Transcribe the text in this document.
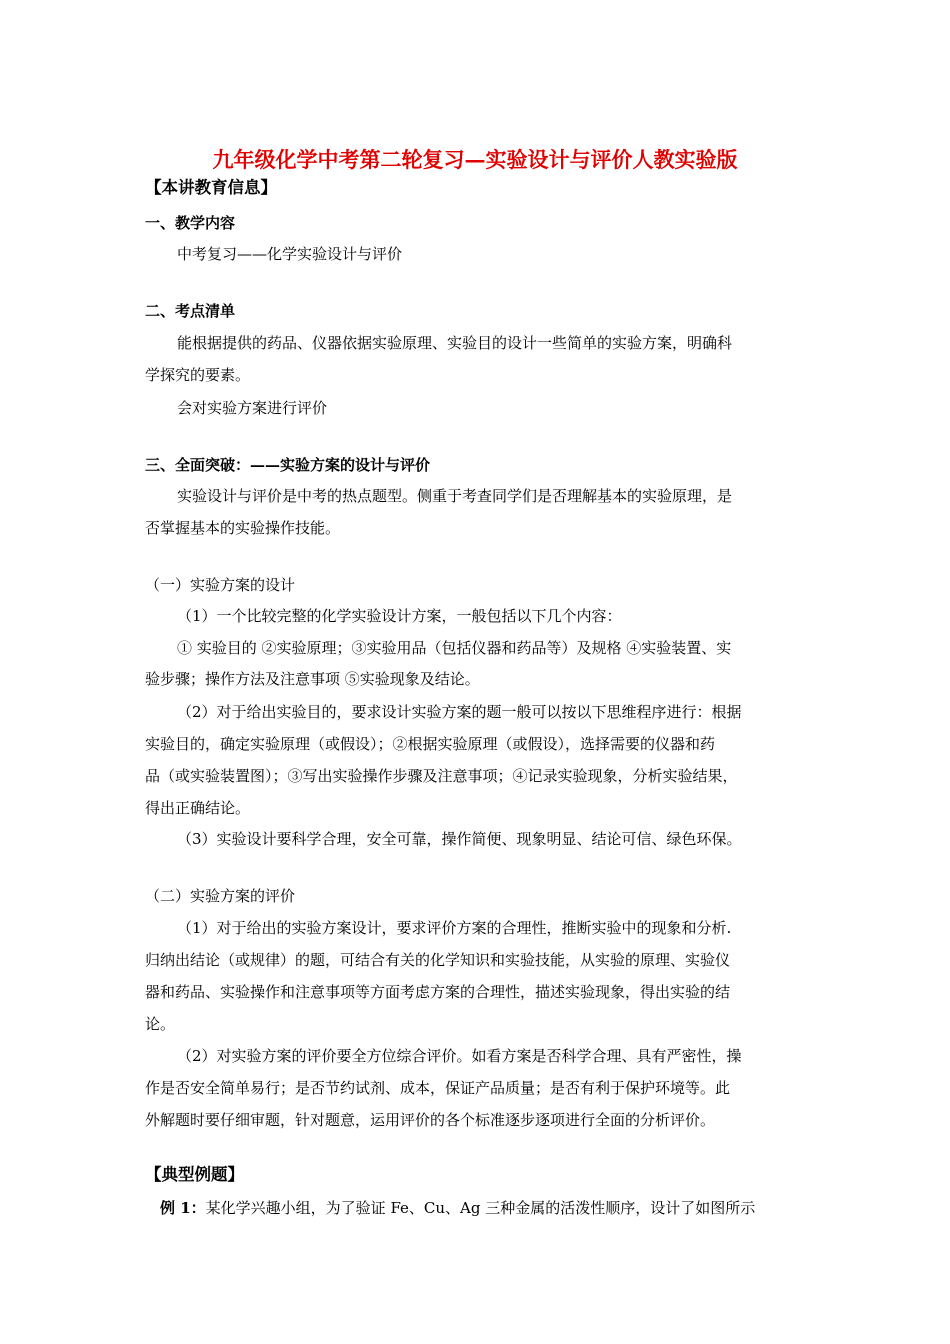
九年级化学中考第二轮复习—实验设计与评价人教实验版
【本讲教育信息】
一、教学内容
中考复习——化学实验设计与评价
二、考点清单
能根据提供的药品、仪器依据实验原理、实验目的设计一些简单的实验方案，明确科
学探究的要素。
会对实验方案进行评价
三、全面突破：——实验方案的设计与评价
实验设计与评价是中考的热点题型。侧重于考查同学们是否理解基本的实验原理，是
否掌握基本的实验操作技能。
（一）实验方案的设计
（1）一个比较完整的化学实验设计方案，一般包括以下几个内容：
① 实验目的 ②实验原理；③实验用品（包括仪器和药品等）及规格 ④实验装置、实
验步骤；操作方法及注意事项 ⑤实验现象及结论。
（2）对于给出实验目的，要求设计实验方案的题一般可以按以下思维程序进行：根据
实验目的，确定实验原理（或假设）；②根据实验原理（或假设），选择需要的仪器和药
品（或实验装置图）；③写出实验操作步骤及注意事项；④记录实验现象，分析实验结果，
得出正确结论。
（3）实验设计要科学合理，安全可靠，操作简便、现象明显、结论可信、绿色环保。
（二）实验方案的评价
（1）对于给出的实验方案设计，要求评价方案的合理性，推断实验中的现象和分析.
归纳出结论（或规律）的题，可结合有关的化学知识和实验技能，从实验的原理、实验仪
器和药品、实验操作和注意事项等方面考虑方案的合理性，描述实验现象，得出实验的结
论。
（2）对实验方案的评价要全方位综合评价。如看方案是否科学合理、具有严密性，操
作是否安全简单易行；是否节约试剂、成本，保证产品质量；是否有利于保护环境等。此
外解题时要仔细审题，针对题意，运用评价的各个标准逐步逐项进行全面的分析评价。
【典型例题】
例 1：某化学兴趣小组，为了验证 Fe、Cu、Ag 三种金属的活泼性顺序，设计了如图所示
